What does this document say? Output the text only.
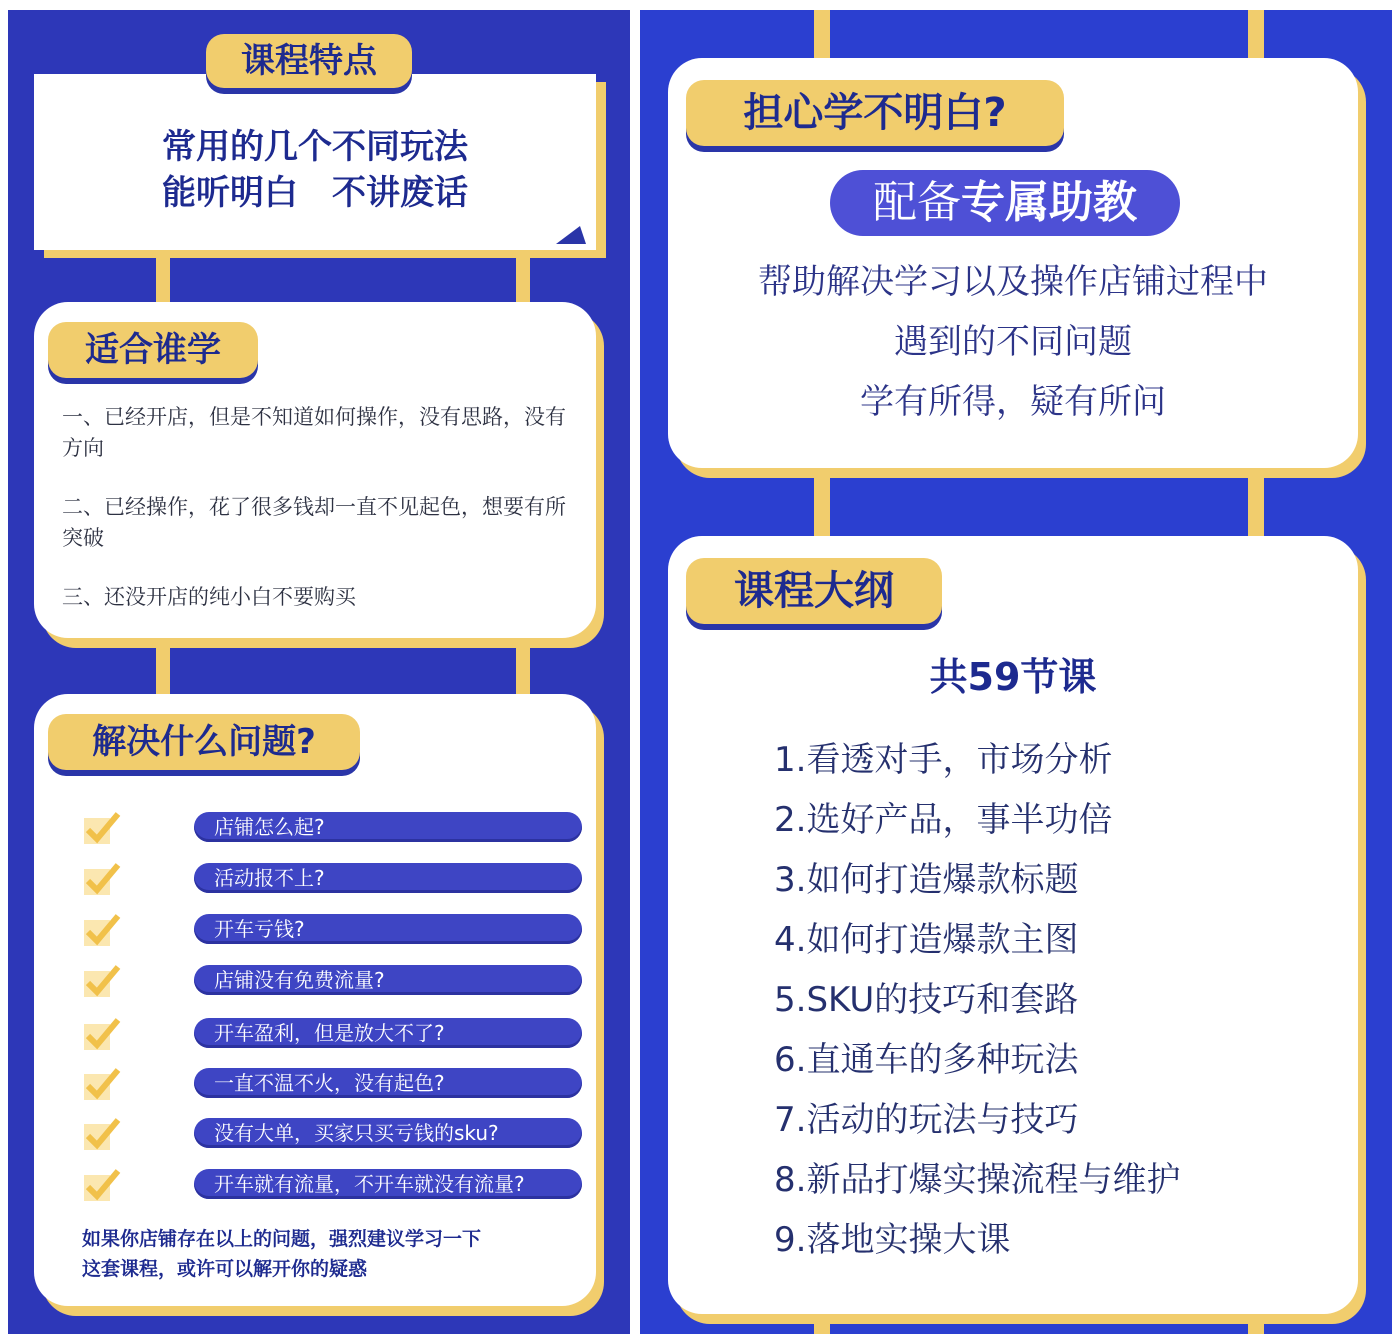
常用的几个不同玩法
能听明白　不讲废话
课程特点
一、已经开店，但是不知道如何操作，没有思路，没有方向
二、已经操作，花了很多钱却一直不见起色，想要有所突破
三、还没开店的纯小白不要购买
适合谁学
店铺怎么起?
活动报不上?
开车亏钱?
店铺没有免费流量?
开车盈利，但是放大不了?
一直不温不火，没有起色?
没有大单，买家只买亏钱的sku?
开车就有流量，不开车就没有流量?
如果你店铺存在以上的问题，强烈建议学习一下
这套课程，或许可以解开你的疑惑
解决什么问题?
配备专属助教
帮助解决学习以及操作店铺过程中
遇到的不同问题
学有所得，疑有所问
担心学不明白?
共59节课
1.看透对手，市场分析
2.选好产品，事半功倍
3.如何打造爆款标题
4.如何打造爆款主图
5.SKU的技巧和套路
6.直通车的多种玩法
7.活动的玩法与技巧
8.新品打爆实操流程与维护
9.落地实操大课
课程大纲
